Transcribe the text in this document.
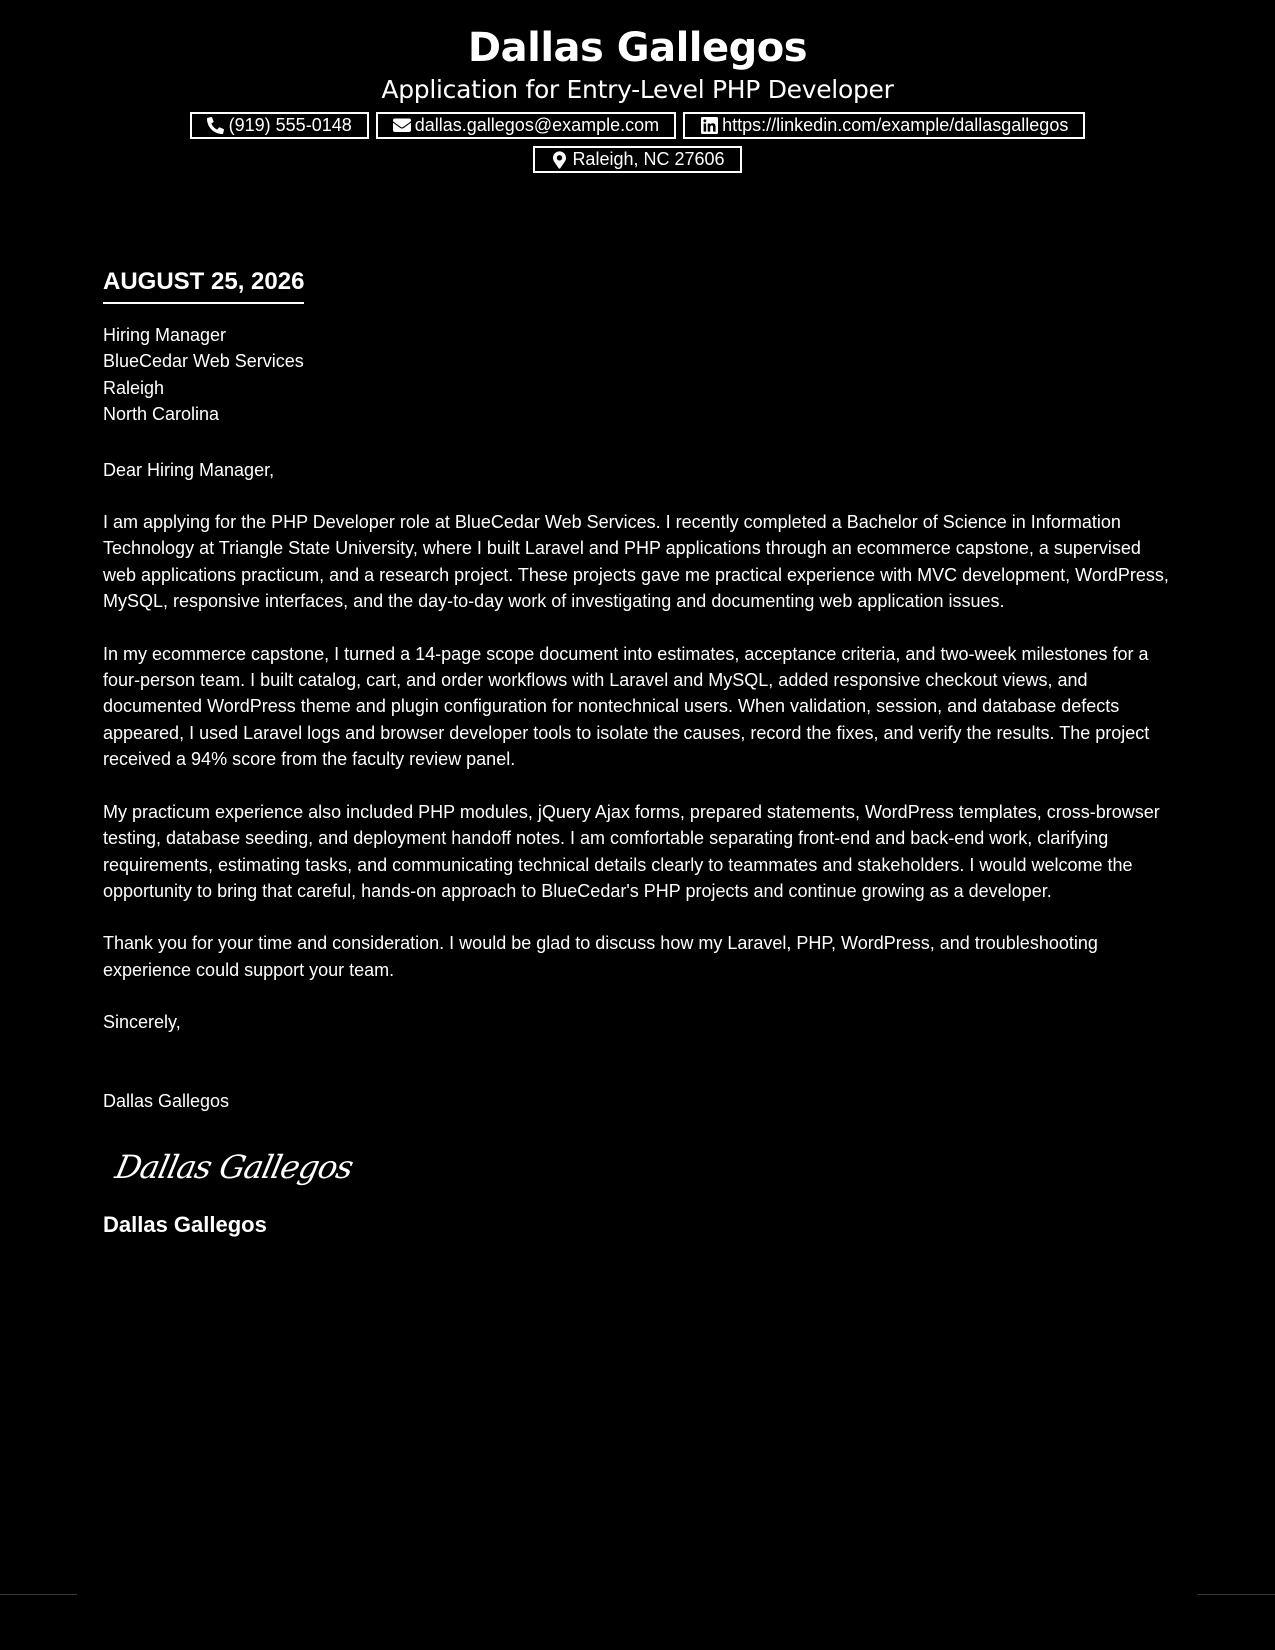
Dallas Gallegos

Application for Entry-Level PHP Developer

(919) 555-0148	dallas.gallegos@example.com	https://linkedin.com/example/dallasgallegos
Raleigh, NC 27606
AUGUST 25, 2026
Hiring Manager
BlueCedar Web Services
Raleigh
North Carolina
Dear Hiring Manager,

I am applying for the PHP Developer role at BlueCedar Web Services. I recently completed a Bachelor of Science in Information Technology at Triangle State University, where I built Laravel and PHP applications through an ecommerce capstone, a supervised web applications practicum, and a research project. These projects gave me practical experience with MVC development, WordPress, MySQL, responsive interfaces, and the day-to-day work of investigating and documenting web application issues.

In my ecommerce capstone, I turned a 14-page scope document into estimates, acceptance criteria, and two-week milestones for a four-person team. I built catalog, cart, and order workflows with Laravel and MySQL, added responsive checkout views, and documented WordPress theme and plugin configuration for nontechnical users. When validation, session, and database defects appeared, I used Laravel logs and browser developer tools to isolate the causes, record the fixes, and verify the results. The project received a 94% score from the faculty review panel.

My practicum experience also included PHP modules, jQuery Ajax forms, prepared statements, WordPress templates, cross-browser testing, database seeding, and deployment handoff notes. I am comfortable separating front-end and back-end work, clarifying requirements, estimating tasks, and communicating technical details clearly to teammates and stakeholders. I would welcome the opportunity to bring that careful, hands-on approach to BlueCedar's PHP projects and continue growing as a developer.

Thank you for your time and consideration. I would be glad to discuss how my Laravel, PHP, WordPress, and troubleshooting experience could support your team.

Sincerely,
Dallas Gallegos
Dallas Gallegos
Dallas Gallegos
